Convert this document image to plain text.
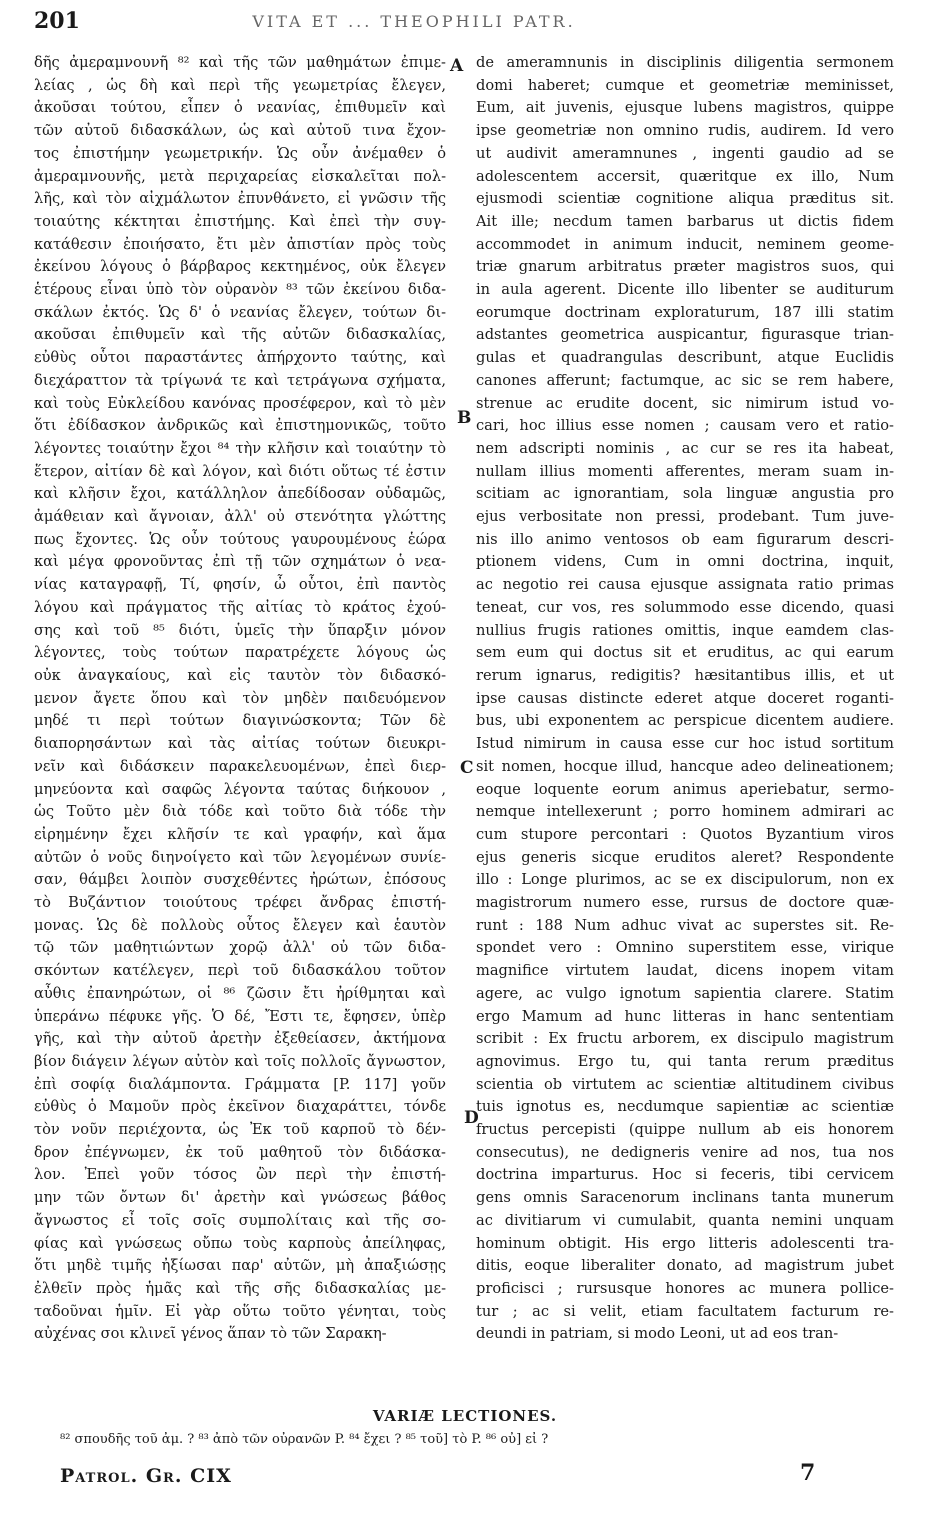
201	VITA ET ... THEOPHILI PATR.

δῆς ἀμεραμνουνῆ ⁸² καὶ τῆς τῶν μαθημάτων ἐπιμε-

λείας , ὡς δὴ καὶ περὶ τῆς γεωμετρίας ἔλεγεν,

ἀκοῦσαι τούτου, εἶπεν ὁ νεανίας, ἐπιθυμεῖν καὶ

τῶν αὐτοῦ διδασκάλων, ὡς καὶ αὐτοῦ τινα ἔχον-

τος ἐπιστήμην γεωμετρικήν. Ὡς οὖν ἀνέμαθεν ὁ

ἀμεραμνουνῆς, μετὰ περιχαρείας εἰσκαλεῖται πολ-

λῆς, καὶ τὸν αἰχμάλωτον ἐπυνθάνετο, εἰ γνῶσιν τῆς

τοιαύτης κέκτηται ἐπιστήμης. Καὶ ἐπεὶ τὴν συγ-

κατάθεσιν ἐποιήσατο, ἔτι μὲν ἀπιστίαν πρὸς τοὺς

ἐκείνου λόγους ὁ βάρβαρος κεκτημένος, οὐκ ἔλεγεν

ἑτέρους εἶναι ὑπὸ τὸν οὐρανὸν ⁸³ τῶν ἐκείνου διδα-

σκάλων ἐκτός. Ὡς δ' ὁ νεανίας ἔλεγεν, τούτων δι-

ακοῦσαι ἐπιθυμεῖν καὶ τῆς αὐτῶν διδασκαλίας,

εὐθὺς οὗτοι παραστάντες ἀπήρχοντο ταύτης, καὶ

διεχάραττον τὰ τρίγωνά τε καὶ τετράγωνα σχήματα,

καὶ τοὺς Εὐκλείδου κανόνας προσέφερον, καὶ τὸ μὲν

ὅτι ἐδίδασκον ἀνδρικῶς καὶ ἐπιστημονικῶς, τοῦτο

λέγοντες τοιαύτην ἔχοι ⁸⁴ τὴν κλῆσιν καὶ τοιαύτην τὸ

ἕτερον, αἰτίαν δὲ καὶ λόγον, καὶ διότι οὕτως τέ ἐστιν

καὶ κλῆσιν ἔχοι, κατάλληλον ἀπεδίδοσαν οὐδαμῶς,

ἀμάθειαν καὶ ἄγνοιαν, ἀλλ' οὐ στενότητα γλώττης

πως ἔχοντες. Ὡς οὖν τούτους γαυρουμένους ἑώρα

καὶ μέγα φρονοῦντας ἐπὶ τῇ τῶν σχημάτων ὁ νεα-

νίας καταγραφῇ, Τί, φησίν, ὦ οὗτοι, ἐπὶ παντὸς

λόγου καὶ πράγματος τῆς αἰτίας τὸ κράτος ἐχού-

σης καὶ τοῦ ⁸⁵ διότι, ὑμεῖς τὴν ὕπαρξιν μόνον

λέγοντες, τοὺς τούτων παρατρέχετε λόγους ὡς

οὐκ ἀναγκαίους, καὶ εἰς ταυτὸν τὸν διδασκό-

μενον ἄγετε ὅπου καὶ τὸν μηδὲν παιδευόμενον

μηδέ τι περὶ τούτων διαγινώσκοντα; Τῶν δὲ

διαπορησάντων καὶ τὰς αἰτίας τούτων διευκρι-

νεῖν καὶ διδάσκειν παρακελευομένων, ἐπεὶ διερ-

μηνεύοντα καὶ σαφῶς λέγοντα ταύτας διήκουον ,

ὡς Τοῦτο μὲν διὰ τόδε καὶ τοῦτο διὰ τόδε τὴν

εἰρημένην ἔχει κλῆσίν τε καὶ γραφήν, καὶ ἅμα

αὐτῶν ὁ νοῦς διηνοίγετο καὶ τῶν λεγομένων συνίε-

σαν, θάμβει λοιπὸν συσχεθέντες ἠρώτων, ἐπόσους

τὸ Βυζάντιον τοιούτους τρέφει ἄνδρας ἐπιστή-

μονας. Ὡς δὲ πολλοὺς οὗτος ἔλεγεν καὶ ἑαυτὸν

τῷ τῶν μαθητιώντων χορῷ ἀλλ' οὐ τῶν διδα-

σκόντων κατέλεγεν, περὶ τοῦ διδασκάλου τοῦτον

αὖθις ἐπανηρώτων, οἱ ⁸⁶ ζῶσιν ἔτι ἠρίθμηται καὶ

ὑπεράνω πέφυκε γῆς. Ὁ δέ, Ἔστι τε, ἔφησεν, ὑπὲρ

γῆς, καὶ τὴν αὐτοῦ ἀρετὴν ἐξεθείασεν, ἀκτήμονα

βίον διάγειν λέγων αὐτὸν καὶ τοῖς πολλοῖς ἄγνωστον,

ἐπὶ σοφίᾳ διαλάμποντα. Γράμματα [P. 117] γοῦν

εὐθὺς ὁ Μαμοῦν πρὸς ἐκεῖνον διαχαράττει, τόνδε

τὸν νοῦν περιέχοντα, ὡς Ἐκ τοῦ καρποῦ τὸ δέν-

δρον ἐπέγνωμεν, ἐκ τοῦ μαθητοῦ τὸν διδάσκα-

λον. Ἐπεὶ γοῦν τόσος ὢν περὶ τὴν ἐπιστή-

μην τῶν ὄντων δι' ἀρετὴν καὶ γνώσεως βάθος

ἄγνωστος εἶ τοῖς σοῖς συμπολίταις καὶ τῆς σο-

φίας καὶ γνώσεως οὔπω τοὺς καρποὺς ἀπείληφας,

ὅτι μηδὲ τιμῆς ἠξίωσαι παρ' αὐτῶν, μὴ ἀπαξιώσῃς

ἐλθεῖν πρὸς ἡμᾶς καὶ τῆς σῆς διδασκαλίας με-

ταδοῦναι ἡμῖν. Εἰ γὰρ οὕτω τοῦτο γένηται, τοὺς

αὐχένας σοι κλινεῖ γένος ἅπαν τὸ τῶν Σαρακη-

de ameramnunis in disciplinis diligentia sermonem

domi haberet; cumque et geometriæ meminisset,

Eum, ait juvenis, ejusque lubens magistros, quippe

ipse geometriæ non omnino rudis, audirem. Id vero

ut audivit ameramnunes , ingenti gaudio ad se

adolescentem accersit, quæritque ex illo, Num

ejusmodi scientiæ cognitione aliqua præditus sit.

Ait ille; necdum tamen barbarus ut dictis fidem

accommodet in animum inducit, neminem geome-

triæ gnarum arbitratus præter magistros suos, qui

in aula agerent. Dicente illo libenter se auditurum

eorumque doctrinam exploraturum, 187 illi statim

adstantes geometrica auspicantur, figurasque trian-

gulas et quadrangulas describunt, atque Euclidis

canones afferunt; factumque, ac sic se rem habere,

strenue ac erudite docent, sic nimirum istud vo-

cari, hoc illius esse nomen ; causam vero et ratio-

nem adscripti nominis , ac cur se res ita habeat,

nullam illius momenti afferentes, meram suam in-

scitiam ac ignorantiam, sola linguæ angustia pro

ejus verbositate non pressi, prodebant. Tum juve-

nis illo animo ventosos ob eam figurarum descri-

ptionem videns, Cum in omni doctrina, inquit,

ac negotio rei causa ejusque assignata ratio primas

teneat, cur vos, res solummodo esse dicendo, quasi

nullius frugis rationes omittis, inque eamdem clas-

sem eum qui doctus sit et eruditus, ac qui earum

rerum ignarus, redigitis? hæsitantibus illis, et ut

ipse causas distincte ederet atque doceret roganti-

bus, ubi exponentem ac perspicue dicentem audiere.

Istud nimirum in causa esse cur hoc istud sortitum

sit nomen, hocque illud, hancque adeo delineationem;

eoque loquente eorum animus aperiebatur, sermo-

nemque intellexerunt ; porro hominem admirari ac

cum stupore percontari : Quotos Byzantium viros

ejus generis sicque eruditos aleret? Respondente

illo : Longe plurimos, ac se ex discipulorum, non ex

magistrorum numero esse, rursus de doctore quæ-

runt : 188 Num adhuc vivat ac superstes sit. Re-

spondet vero : Omnino superstitem esse, virique

magnifice virtutem laudat, dicens inopem vitam

agere, ac vulgo ignotum sapientia clarere. Statim

ergo Mamum ad hunc litteras in hanc sententiam

scribit : Ex fructu arborem, ex discipulo magistrum

agnovimus. Ergo tu, qui tanta rerum præditus

scientia ob virtutem ac scientiæ altitudinem civibus

tuis ignotus es, necdumque sapientiæ ac scientiæ

fructus percepisti (quippe nullum ab eis honorem

consecutus), ne dedigneris venire ad nos, tua nos

doctrina imparturus. Hoc si feceris, tibi cervicem

gens omnis Saracenorum inclinans tanta munerum

ac divitiarum vi cumulabit, quanta nemini unquam

hominum obtigit. His ergo litteris adolescenti tra-

ditis, eoque liberaliter donato, ad magistrum jubet

proficisci ; rursusque honores ac munera pollice-

tur ; ac si velit, etiam facultatem facturum re-

deundi in patriam, si modo Leoni, ut ad eos tran-

A
B
C
D
VARIÆ LECTIONES.
⁸² σπουδῆς τοῦ ἀμ. ? ⁸³ ἀπὸ τῶν οὐρανῶν P. ⁸⁴ ἔχει ? ⁸⁵ τοῦ] τὸ P. ⁸⁶ οὐ] εἰ ?
Patrol. Gr. CIX	7
